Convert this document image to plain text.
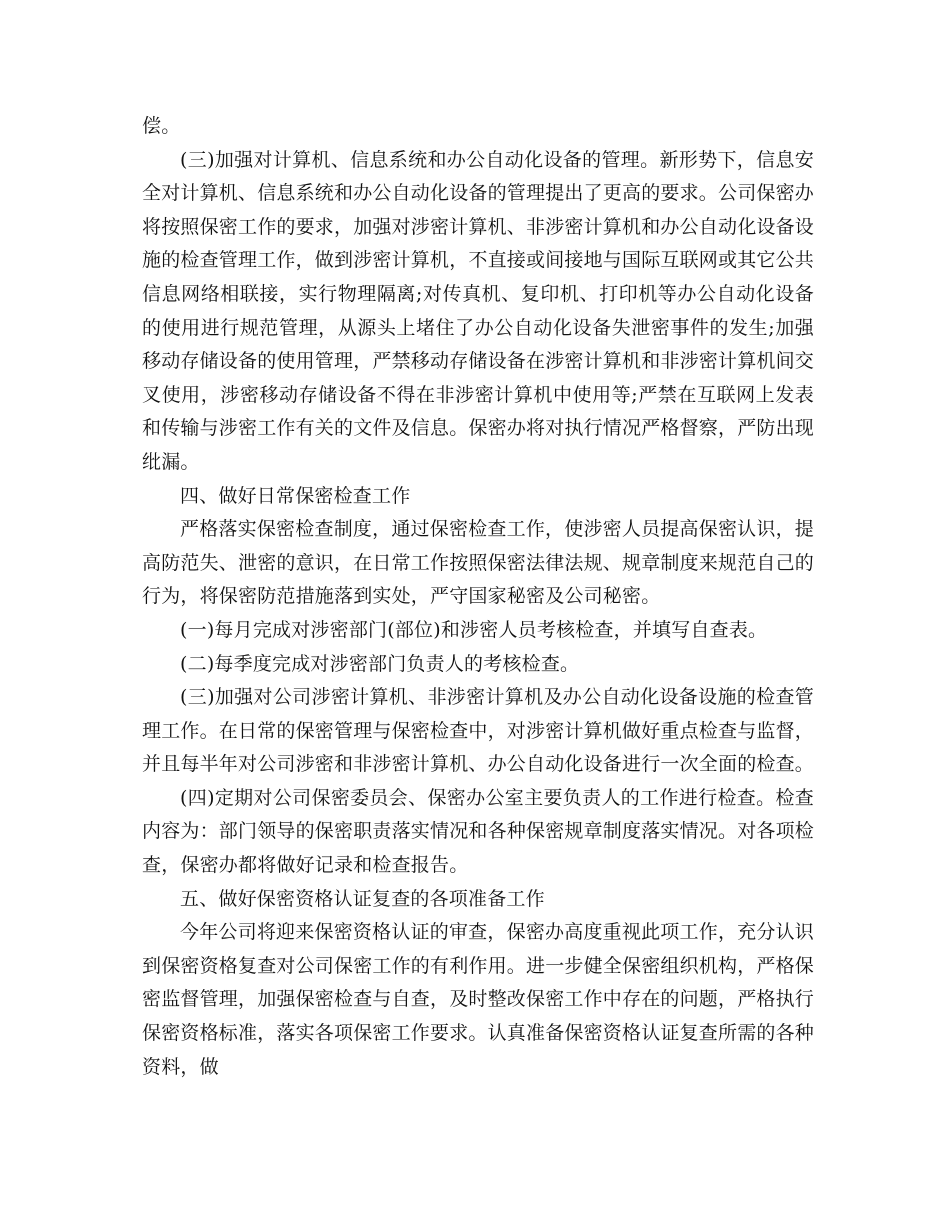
偿。

(三)加强对计算机、信息系统和办公自动化设备的管理。新形势下，信息安全对计算机、信息系统和办公自动化设备的管理提出了更高的要求。公司保密办将按照保密工作的要求，加强对涉密计算机、非涉密计算机和办公自动化设备设施的检查管理工作，做到涉密计算机，不直接或间接地与国际互联网或其它公共信息网络相联接，实行物理隔离;对传真机、复印机、打印机等办公自动化设备的使用进行规范管理，从源头上堵住了办公自动化设备失泄密事件的发生;加强移动存储设备的使用管理，严禁移动存储设备在涉密计算机和非涉密计算机间交叉使用，涉密移动存储设备不得在非涉密计算机中使用等;严禁在互联网上发表和传输与涉密工作有关的文件及信息。保密办将对执行情况严格督察，严防出现纰漏。

四、做好日常保密检查工作

严格落实保密检查制度，通过保密检查工作，使涉密人员提高保密认识，提高防范失、泄密的意识，在日常工作按照保密法律法规、规章制度来规范自己的行为，将保密防范措施落到实处，严守国家秘密及公司秘密。

(一)每月完成对涉密部门(部位)和涉密人员考核检查，并填写自查表。

(二)每季度完成对涉密部门负责人的考核检查。

(三)加强对公司涉密计算机、非涉密计算机及办公自动化设备设施的检查管理工作。在日常的保密管理与保密检查中，对涉密计算机做好重点检查与监督，并且每半年对公司涉密和非涉密计算机、办公自动化设备进行一次全面的检查。

(四)定期对公司保密委员会、保密办公室主要负责人的工作进行检查。检查内容为：部门领导的保密职责落实情况和各种保密规章制度落实情况。对各项检查，保密办都将做好记录和检查报告。

五、做好保密资格认证复查的各项准备工作

今年公司将迎来保密资格认证的审查，保密办高度重视此项工作，充分认识到保密资格复查对公司保密工作的有利作用。进一步健全保密组织机构，严格保密监督管理，加强保密检查与自查，及时整改保密工作中存在的问题，严格执行保密资格标准，落实各项保密工作要求。认真准备保密资格认证复查所需的各种资料，做
